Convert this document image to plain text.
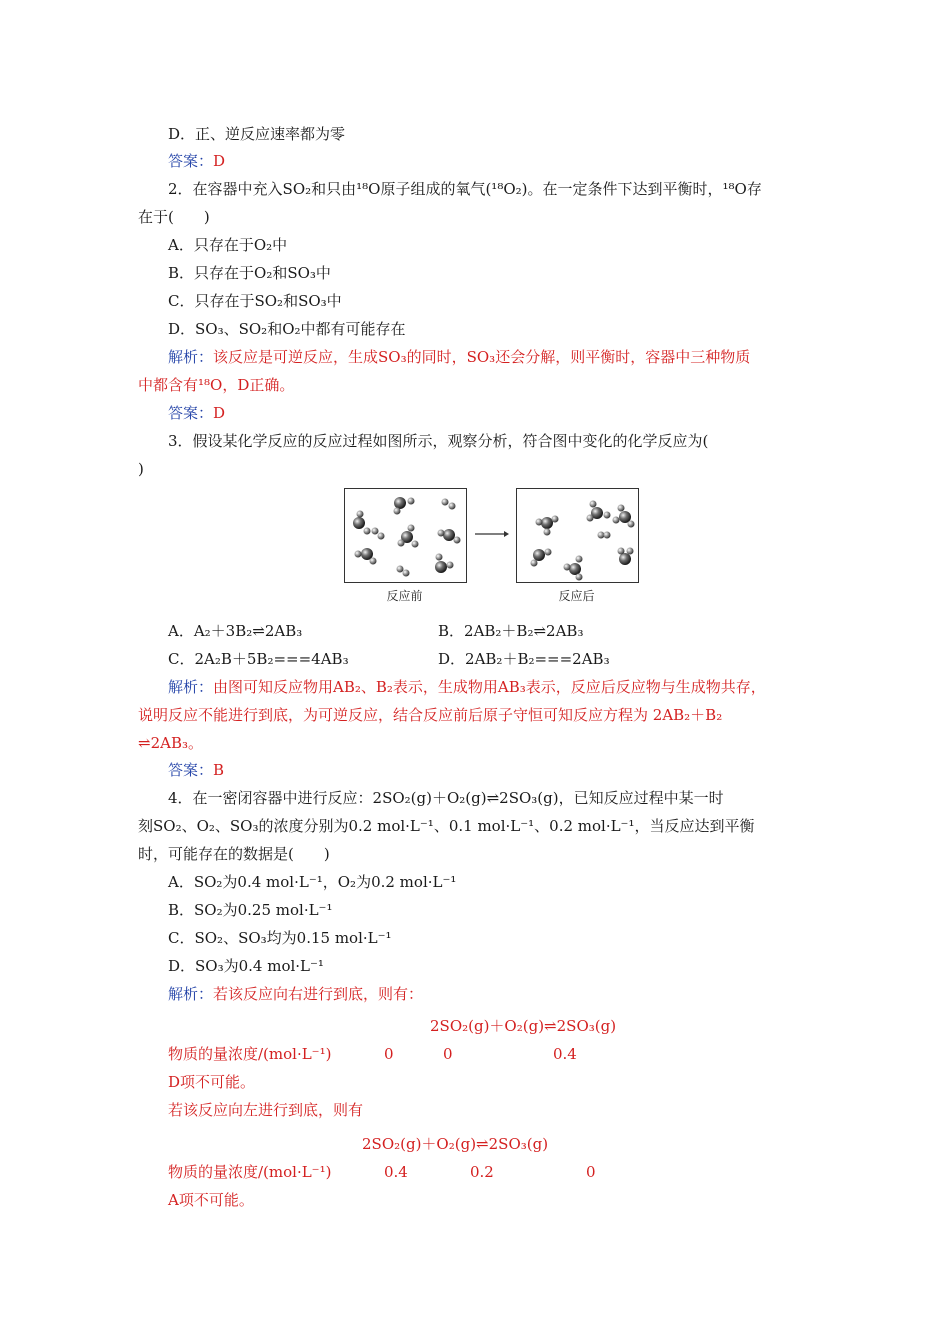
D．正、逆反应速率都为零
答案：D
2．在容器中充入SO₂和只由¹⁸O原子组成的氧气(¹⁸O₂)。在一定条件下达到平衡时，¹⁸O存
在于(　　)
A．只存在于O₂中
B．只存在于O₂和SO₃中
C．只存在于SO₂和SO₃中
D．SO₃、SO₂和O₂中都有可能存在
解析：该反应是可逆反应，生成SO₃的同时，SO₃还会分解，则平衡时，容器中三种物质
中都含有¹⁸O，D正确。
答案：D
3．假设某化学反应的反应过程如图所示，观察分析，符合图中变化的化学反应为(
)
反应前	反应后
A．A₂＋3B₂⇌2AB₃	B．2AB₂＋B₂⇌2AB₃
C．2A₂B＋5B₂===4AB₃	D．2AB₂＋B₂===2AB₃
解析：由图可知反应物用AB₂、B₂表示，生成物用AB₃表示，反应后反应物与生成物共存，
说明反应不能进行到底，为可逆反应，结合反应前后原子守恒可知反应方程为 2AB₂＋B₂
⇌2AB₃。
答案：B
4．在一密闭容器中进行反应：2SO₂(g)＋O₂(g)⇌2SO₃(g)，已知反应过程中某一时
刻SO₂、O₂、SO₃的浓度分别为0.2 mol·L⁻¹、0.1 mol·L⁻¹、0.2 mol·L⁻¹，当反应达到平衡
时，可能存在的数据是(　　)
A．SO₂为0.4 mol·L⁻¹，O₂为0.2 mol·L⁻¹
B．SO₂为0.25 mol·L⁻¹
C．SO₂、SO₃均为0.15 mol·L⁻¹
D．SO₃为0.4 mol·L⁻¹
解析：若该反应向右进行到底，则有：
2SO₂(g)＋O₂(g)⇌2SO₃(g)
物质的量浓度/(mol·L⁻¹)	0	0	0.4
D项不可能。
若该反应向左进行到底，则有
2SO₂(g)＋O₂(g)⇌2SO₃(g)
物质的量浓度/(mol·L⁻¹)	0.4	0.2	0
A项不可能。
